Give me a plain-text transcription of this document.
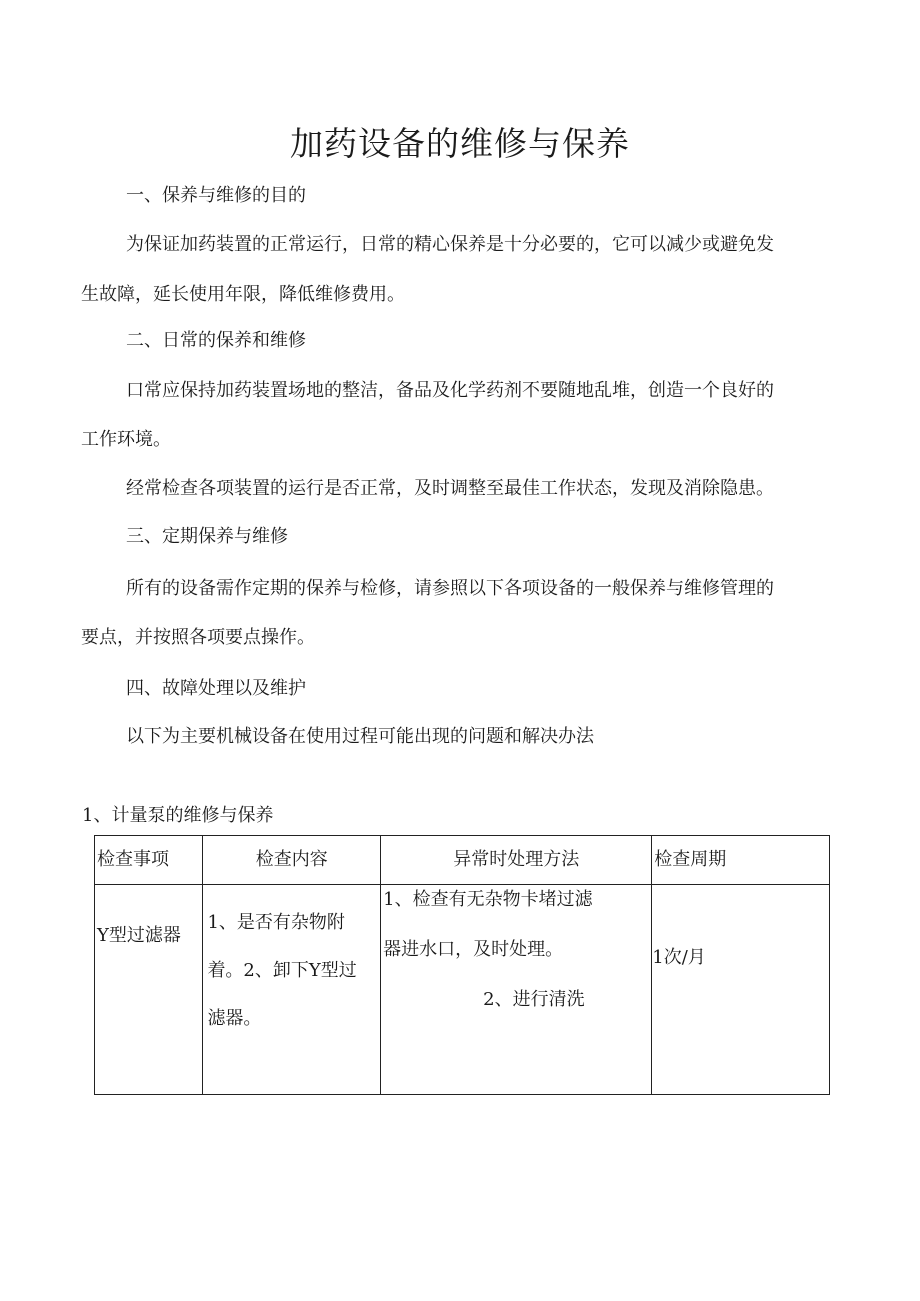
加药设备的维修与保养

一、保养与维修的目的

为保证加药装置的正常运行，日常的精心保养是十分必要的，它可以减少或避免发

生故障，延长使用年限，降低维修费用。

二、日常的保养和维修

口常应保持加药装置场地的整洁，备品及化学药剂不要随地乱堆，创造一个良好的

工作环境。

经常检查各项装置的运行是否正常，及时调整至最佳工作状态，发现及消除隐患。

三、定期保养与维修

所有的设备需作定期的保养与检修，请参照以下各项设备的一般保养与维修管理的

要点，并按照各项要点操作。

四、故障处理以及维护

以下为主要机械设备在使用过程可能出现的问题和解决办法

1、计量泵的维修与保养
检查事项	检查内容	异常时处理方法	检查周期

Y型过滤器	1、是否有杂物附着。2、卸下Y型过滤器。	1、检查有无杂物卡堵过滤
器进水口，及时处理。
2、进行清洗	1次/月
